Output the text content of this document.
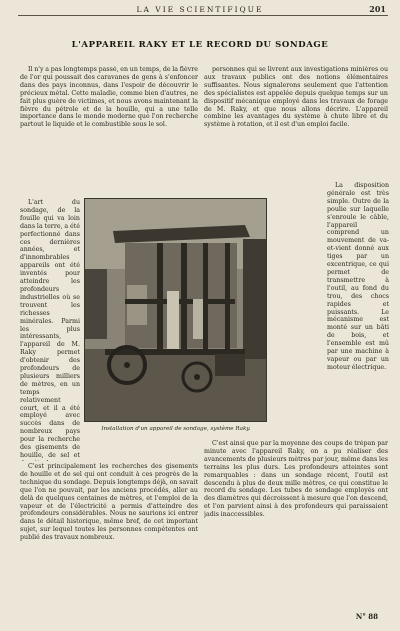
LA VIE SCIENTIFIQUE	201
L'APPAREIL RAKY ET LE RECORD DU SONDAGE

Il n'y a pas longtemps passé, en un temps, de la fièvre de l'or qui poussait des caravanes de gens à s'enfoncer dans des pays inconnus, dans l'espoir de découvrir le précieux métal. Cette maladie, comme bien d'autres, ne fait plus guère de victimes, et nous avons maintenant la fièvre du pétrole et de la houille, qui a une telle importance dans le monde moderne que l'on recherche partout le liquide et le combustible sous le sol.

L'art du sondage, de la fouille qui va loin dans la terre, a été perfectionné dans ces dernières années, et d'innombrables appareils ont été inventés pour atteindre les profondeurs industrielles où se trouvent les richesses minérales. Parmi les plus intéressants, l'appareil de M. Raky permet d'obtenir des profondeurs de plusieurs milliers de mètres, en un temps relativement court, et il a été employé avec succès dans de nombreux pays pour la recherche des gisements de houille, de sel et

Installation d'un appareil de sondage, système Raky.

C'est principalement les recherches des gisements de houille et de sel qui ont conduit à ces progrès de la technique du sondage. Depuis longtemps déjà, on savait que l'on ne pouvait, par les anciens procédés, aller au delà de quelques centaines de mètres, et l'emploi de la vapeur et de l'électricité a permis d'atteindre des profondeurs considérables. Nous ne saurions ici entrer dans le détail historique, même bref, de cet important sujet, sur lequel toutes les personnes compétentes ont publié des travaux nombreux.

personnes qui se livrent aux investigations minières ou aux travaux publics ont des notions élémentaires suffisantes. Nous signalerons seulement que l'attention des spécialistes est appelée depuis quelque temps sur un dispositif mécanique employé dans les travaux de forage de M. Raky, et que nous allons décrire. L'appareil combine les avantages du système à chute libre et du système à rotation, et il est d'un emploi facile.

La disposition générale est très simple. Outre de la poulie sur laquelle s'enroule le câble, l'appareil comprend un mouvement de va-et-vient donné aux tiges par un excentrique, ce qui permet de transmettre à l'outil, au fond du trou, des chocs rapides et puissants. Le mécanisme est monté sur un bâti de bois, et l'ensemble est mû par une machine à vapeur ou par un moteur électrique.

C'est ainsi que par la moyenne des coups de trépan par minute avec l'appareil Raky, on a pu réaliser des avancements de plusieurs mètres par jour, même dans les terrains les plus durs. Les profondeurs atteintes sont remarquables : dans un sondage récent, l'outil est descendu à plus de deux mille mètres, ce qui constitue le record du sondage. Les tubes de sondage employés ont des diamètres qui décroissent à mesure que l'on descend, et l'on parvient ainsi à des profondeurs qui paraissaient jadis inaccessibles.

N° 88
